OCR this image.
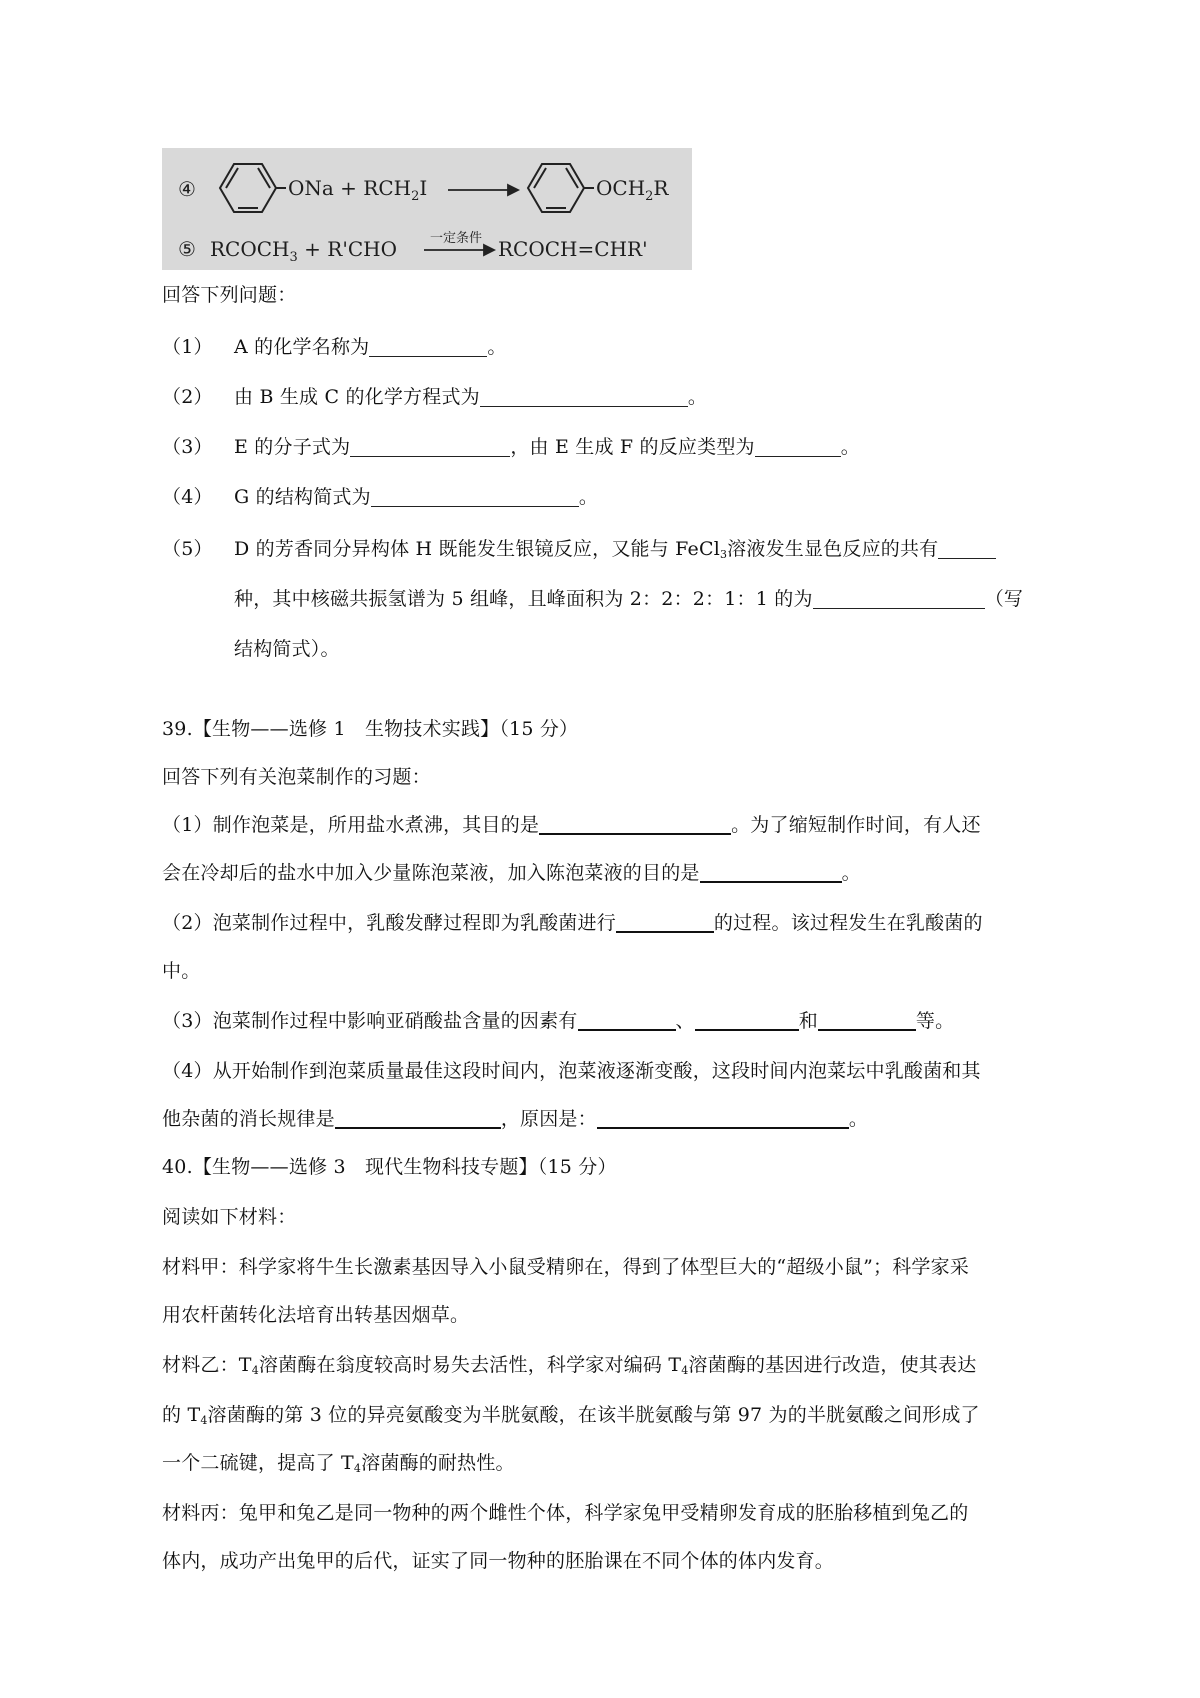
④	ONa + $RCH_2I$	$OCH_2R$
⑤ $RCOCH_3 + R'CHO$	一定条件 RCOCH=CHR'
回答下列问题：
（1） A 的化学名称为	。
（2） 由 B 生成 C 的化学方程式为	。
（3） E 的分子式为	，由 E 生成 F 的反应类型为	。
（4） G 的结构简式为	。
（5） D 的芳香同分异构体 H 既能发生银镜反应，又能与 FeCl$_3$溶液发生显色反应的共有
种，其中核磁共振氢谱为 5 组峰，且峰面积为 2：2：2：1：1 的为	（写
结构简式）。
39.【生物——选修 1　生物技术实践】（15 分）
回答下列有关泡菜制作的习题：
（1）制作泡菜是，所用盐水煮沸，其目的是	。为了缩短制作时间，有人还
会在冷却后的盐水中加入少量陈泡菜液，加入陈泡菜液的目的是	。
（2）泡菜制作过程中，乳酸发酵过程即为乳酸菌进行	的过程。该过程发生在乳酸菌的
中。
（3）泡菜制作过程中影响亚硝酸盐含量的因素有	、	和	等。
（4）从开始制作到泡菜质量最佳这段时间内，泡菜液逐渐变酸，这段时间内泡菜坛中乳酸菌和其
他杂菌的消长规律是	，原因是：	。
40.【生物——选修 3　现代生物科技专题】（15 分）
阅读如下材料：
材料甲：科学家将牛生长激素基因导入小鼠受精卵在，得到了体型巨大的“超级小鼠”；科学家采
用农杆菌转化法培育出转基因烟草。
材料乙：$T_4$溶菌酶在翁度较高时易失去活性，科学家对编码 $T_4$溶菌酶的基因进行改造，使其表达
的 $T_4$溶菌酶的第 3 位的异亮氨酸变为半胱氨酸，在该半胱氨酸与第 97 为的半胱氨酸之间形成了
一个二硫键，提高了 $T_4$溶菌酶的耐热性。
材料丙：兔甲和兔乙是同一物种的两个雌性个体，科学家兔甲受精卵发育成的胚胎移植到兔乙的
体内，成功产出兔甲的后代，证实了同一物种的胚胎课在不同个体的体内发育。
